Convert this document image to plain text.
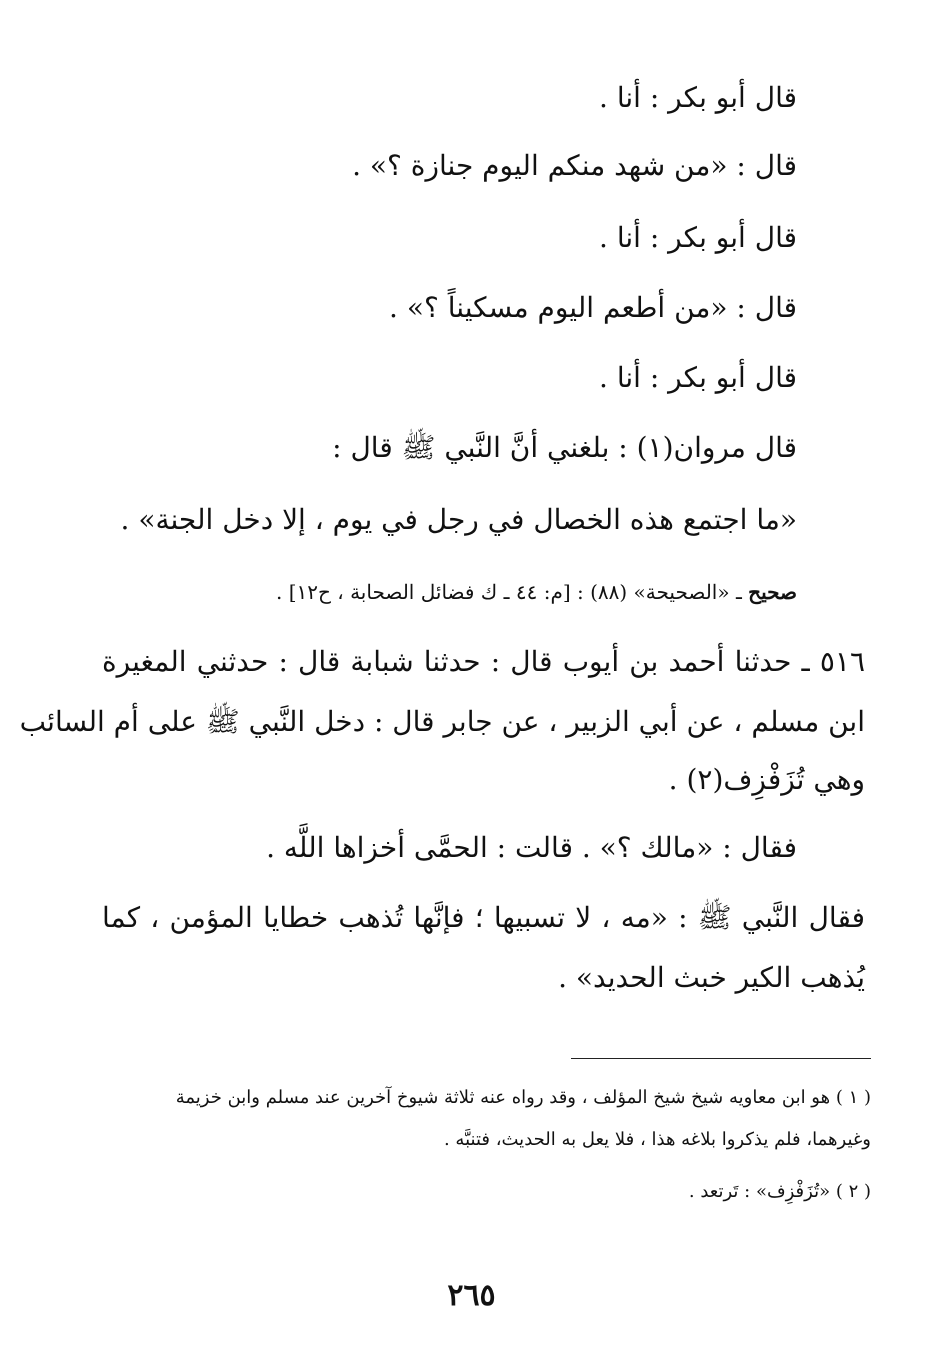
قال أبو بكر : أنا .
قال : «من شهد منكم اليوم جنازة ؟» .
قال أبو بكر : أنا .
قال : «من أطعم اليوم مسكيناً ؟» .
قال أبو بكر : أنا .
قال مروان(١) : بلغني أنَّ النَّبي ﷺ قال :
«ما اجتمع هذه الخصال في رجل في يوم ، إلا دخل الجنة» .
صحيح ـ «الصحيحة» (٨٨) : [م: ٤٤ ـ ك فضائل الصحابة ، ح١٢] .
٥١٦ ـ حدثنا أحمد بن أيوب قال : حدثنا شبابة قال : حدثني المغيرة
ابن مسلم ، عن أبي الزبير ، عن جابر قال : دخل النَّبي ﷺ على أم السائب
وهي تُزَفْزِف(٢) .
فقال : «مالك ؟» . قالت : الحمَّى أخزاها اللَّه .
فقال النَّبي ﷺ : «مه ، لا تسبيها ؛ فإنَّها تُذهب خطايا المؤمن ، كما
يُذهب الكير خبث الحديد» .
( ١ ) هو ابن معاويه شيخ شيخ المؤلف ، وقد رواه عنه ثلاثة شيوخ آخرين عند مسلم وابن خزيمة
وغيرهما، فلم يذكروا بلاغه هذا ، فلا يعل به الحديث، فتنبَّه .
( ٢ ) «تُزَفْزِف» : تَرتعد .
٢٦٥
